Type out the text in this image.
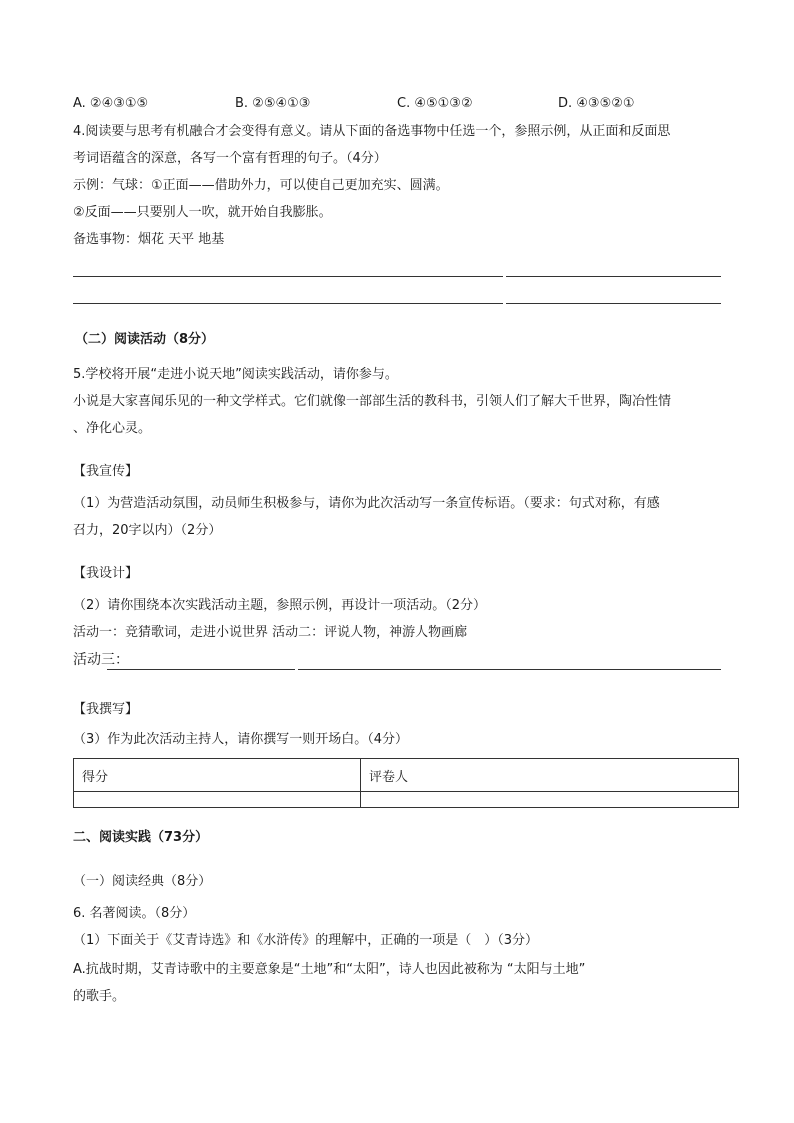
A. ②④③①⑤	B. ②⑤④①③	C. ④⑤①③②	D. ④③⑤②①
4.阅读要与思考有机融合才会变得有意义。请从下面的备选事物中任选一个，参照示例，从正面和反面思
考词语蕴含的深意，各写一个富有哲理的句子。（4分）
示例：气球：①正面——借助外力，可以使自己更加充实、圆满。
②反面——只要别人一吹，就开始自我膨胀。
备选事物：烟花 天平 地基
（二）阅读活动（8分）
5.学校将开展“走进小说天地”阅读实践活动，请你参与。
小说是大家喜闻乐见的一种文学样式。它们就像一部部生活的教科书，引领人们了解大千世界，陶冶性情
、净化心灵。
【我宣传】
（1）为营造活动氛围，动员师生积极参与，请你为此次活动写一条宣传标语。（要求：句式对称，有感
召力，20字以内）（2分）
【我设计】
（2）请你围绕本次实践活动主题，参照示例，再设计一项活动。（2分）
活动一：竞猜歌词，走进小说世界 活动二：评说人物，神游人物画廊
活动三：
【我撰写】
（3）作为此次活动主持人，请你撰写一则开场白。（4分）
得分	评卷人

二、阅读实践（73分）
（一）阅读经典（8分）
6. 名著阅读。（8分）
（1）下面关于《艾青诗选》和《水浒传》的理解中，正确的一项是（　）（3分）
A.抗战时期，艾青诗歌中的主要意象是“土地”和“太阳”，诗人也因此被称为 “太阳与土地”
的歌手。
